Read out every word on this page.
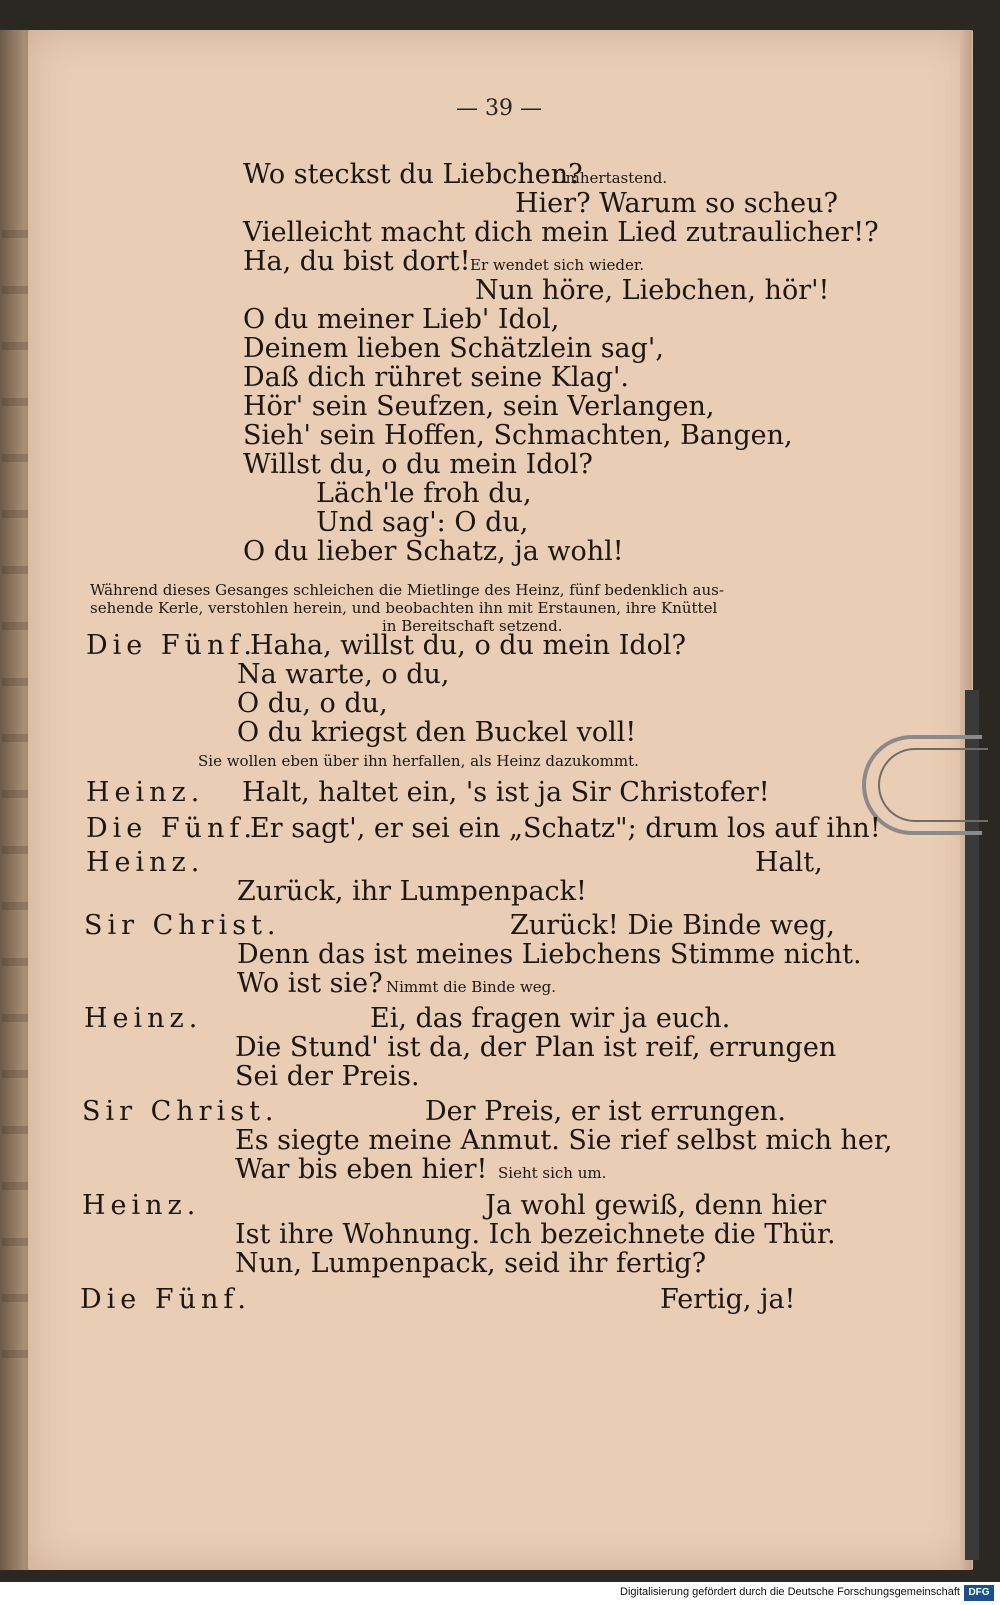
— 39 —
Wo steckst du Liebchen?
Umhertastend.
Hier? Warum so scheu?
Vielleicht macht dich mein Lied zutraulicher!?
Ha, du bist dort! Er wendet sich wieder.
Nun höre, Liebchen, hör'!
O du meiner Lieb' Idol,
Deinem lieben Schätzlein sag',
Daß dich rühret seine Klag'.
Hör' sein Seufzen, sein Verlangen,
Sieh' sein Hoffen, Schmachten, Bangen,
Willst du, o du mein Idol?
Läch'le froh du,
Und sag': O du,
O du lieber Schatz, ja wohl!
Während dieses Gesanges schleichen die Mietlinge des Heinz, fünf bedenklich aus-
sehende Kerle, verstohlen herein, und beobachten ihn mit Erstaunen, ihre Knüttel
in Bereitschaft setzend.
Die Fünf.
Haha, willst du, o du mein Idol?
Na warte, o du,
O du, o du,
O du kriegst den Buckel voll!
Sie wollen eben über ihn herfallen, als Heinz dazukommt.
Heinz. Halt, haltet ein, 's ist ja Sir Christofer!
Die Fünf.
Er sagt', er sei ein „Schatz"; drum los auf ihn!
Heinz.	Halt,
Zurück, ihr Lumpenpack!
Sir Christ.	Zurück! Die Binde weg,
Denn das ist meines Liebchens Stimme nicht.
Wo ist sie? Nimmt die Binde weg.
Heinz.	Ei, das fragen wir ja euch.
Die Stund' ist da, der Plan ist reif, errungen
Sei der Preis.
Sir Christ.	Der Preis, er ist errungen.
Es siegte meine Anmut. Sie rief selbst mich her,
War bis eben hier! Sieht sich um.
Heinz.	Ja wohl gewiß, denn hier
Ist ihre Wohnung. Ich bezeichnete die Thür.
Nun, Lumpenpack, seid ihr fertig?
Die Fünf.	Fertig, ja!
Digitalisierung gefördert durch die Deutsche Forschungsgemeinschaft DFG
